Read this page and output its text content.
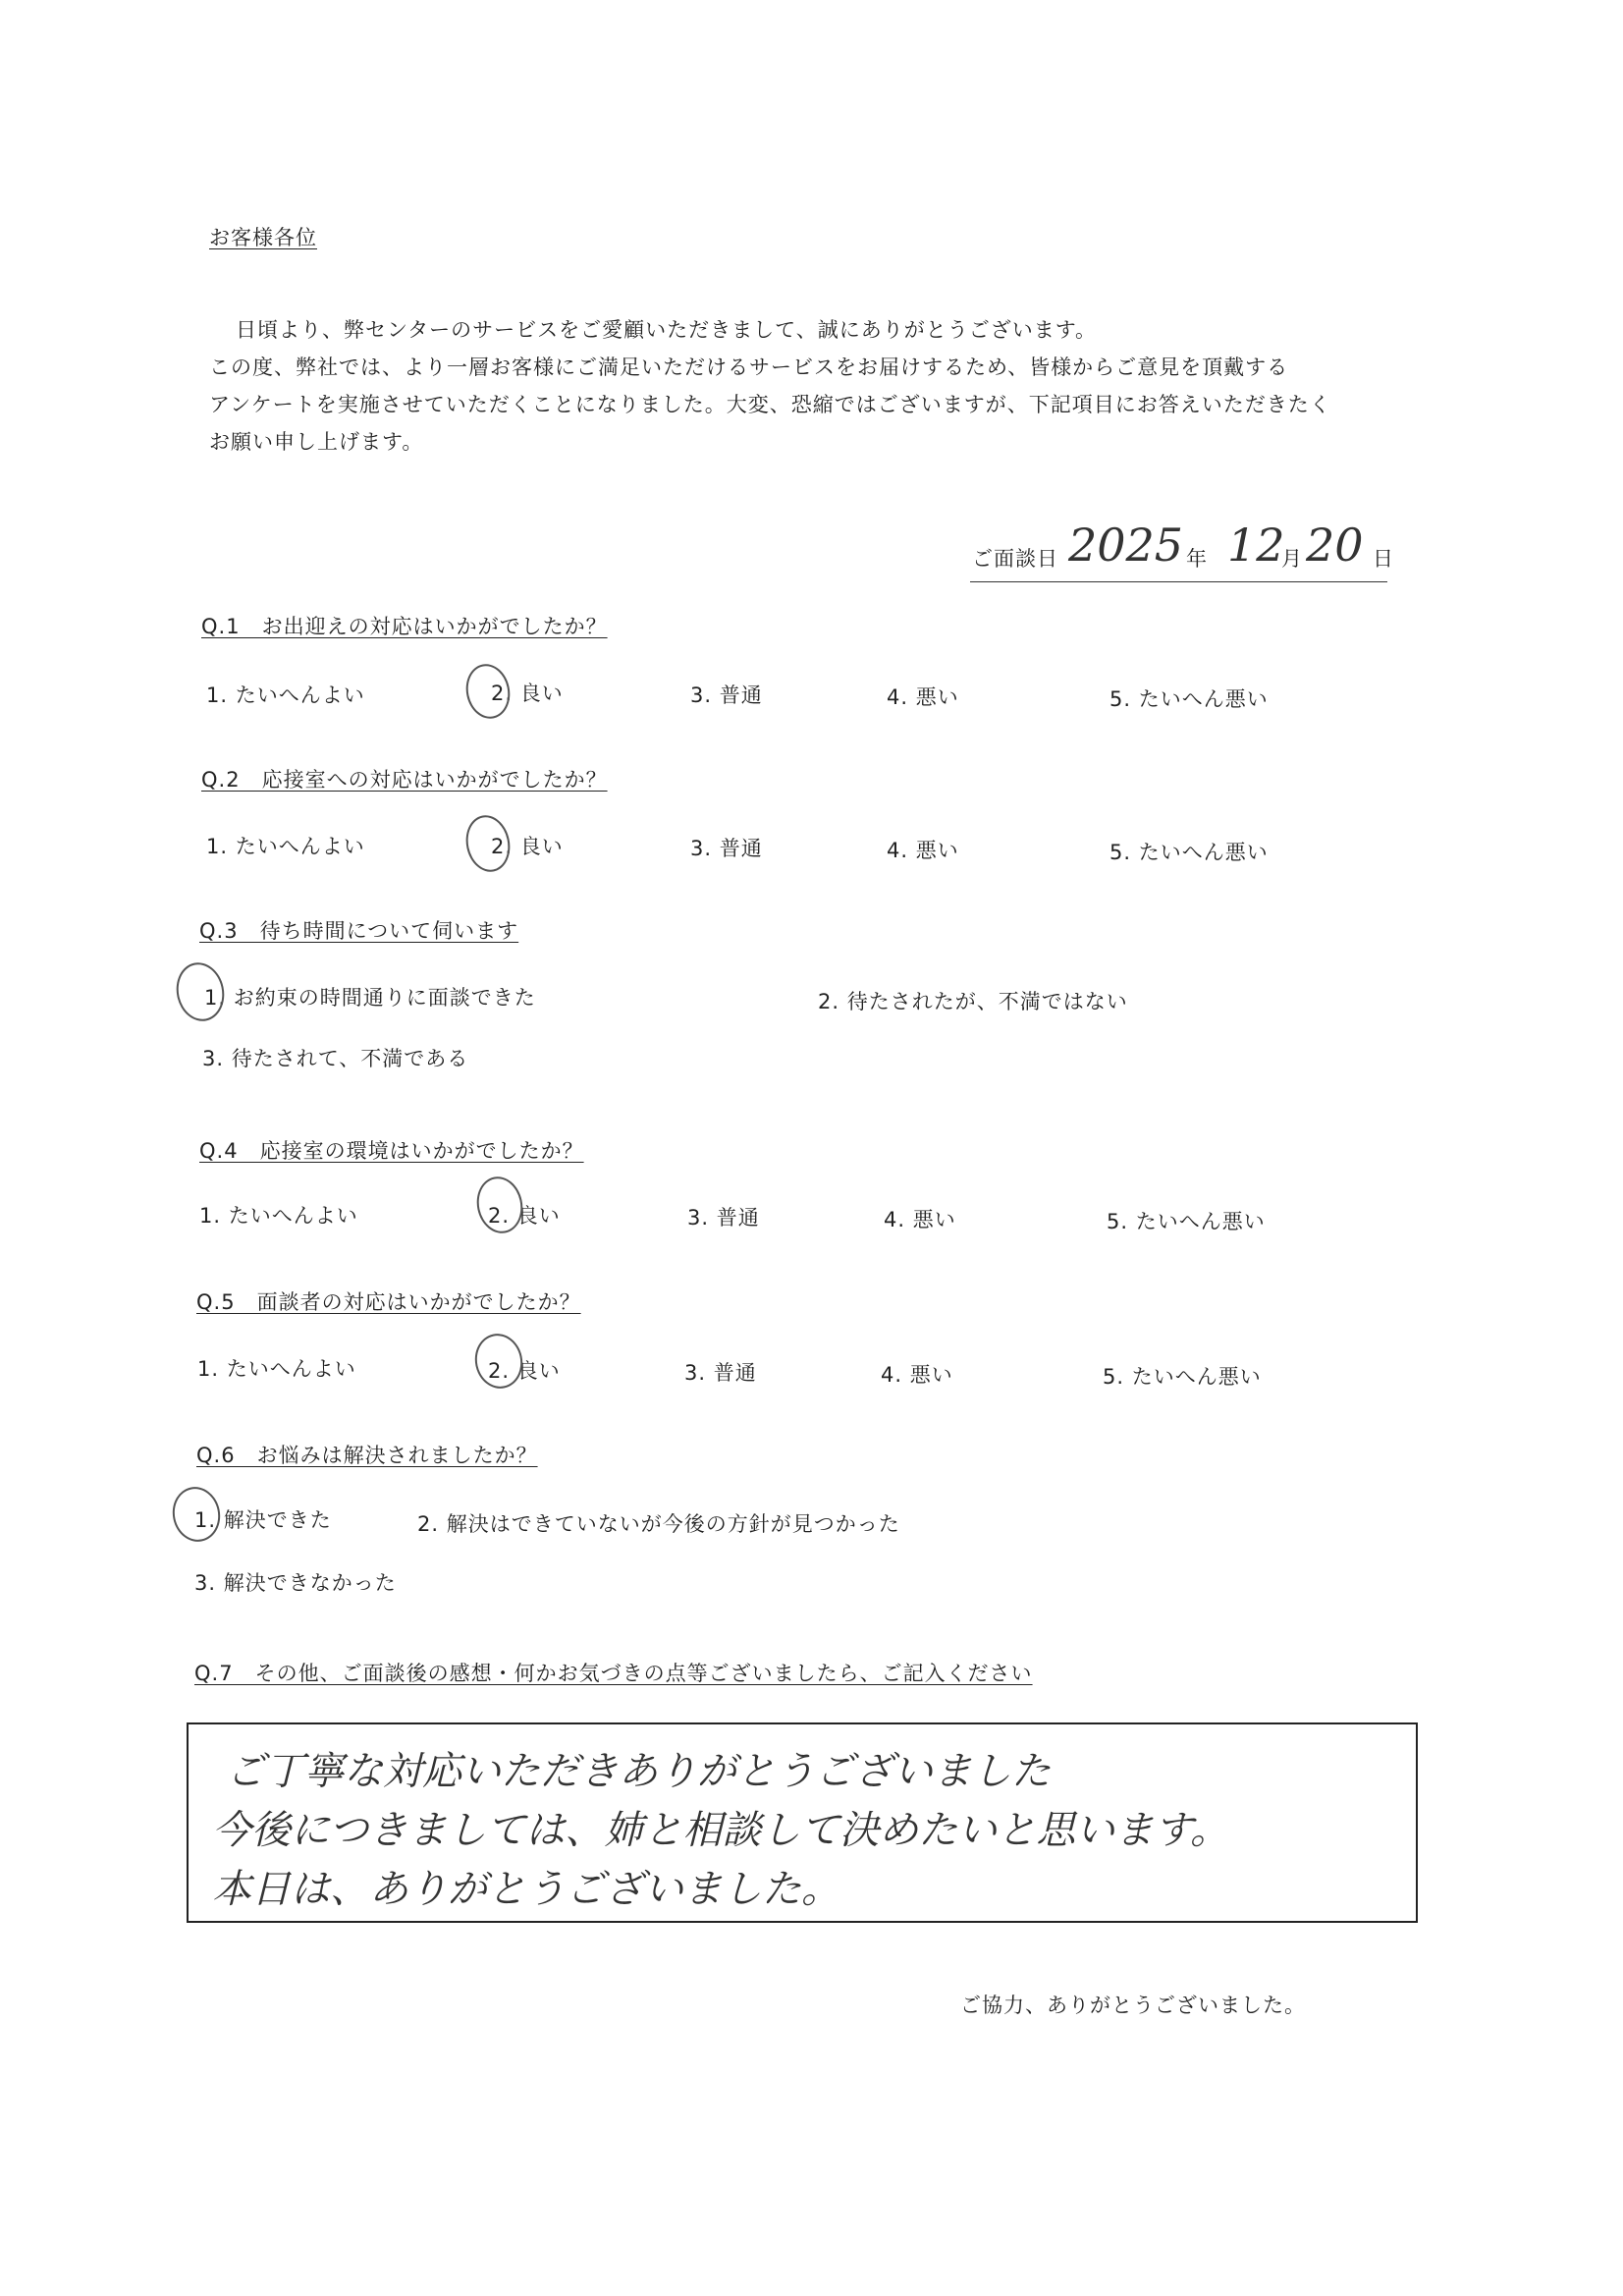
お客様各位
日頃より、弊センターのサービスをご愛顧いただきまして、誠にありがとうございます。
この度、弊社では、より一層お客様にご満足いただけるサービスをお届けするため、皆様からご意見を頂戴する
アンケートを実施させていただくことになりました。大変、恐縮ではございますが、下記項目にお答えいただきたく
お願い申し上げます。
ご面談日 2025 年 12
月 20 日
Q.1　お出迎えの対応はいかがでしたか？
1. たいへんよい	2. 良い	3. 普通	4. 悪い	5. たいへん悪い
Q.2　応接室への対応はいかがでしたか？
1. たいへんよい	2. 良い	3. 普通	4. 悪い	5. たいへん悪い
Q.3　待ち時間について伺います
1. お約束の時間通りに面談できた	2. 待たされたが、不満ではない
3. 待たされて、不満である
Q.4　応接室の環境はいかがでしたか？
1. たいへんよい	2. 良い	3. 普通	4. 悪い	5. たいへん悪い
Q.5　面談者の対応はいかがでしたか？
1. たいへんよい	2. 良い	3. 普通	4. 悪い	5. たいへん悪い
Q.6　お悩みは解決されましたか？
1. 解決できた	2. 解決はできていないが今後の方針が見つかった
3. 解決できなかった
Q.7　その他、ご面談後の感想・何かお気づきの点等ございましたら、ご記入ください
ご丁寧な対応いただきありがとうございました
今後につきましては、姉と相談して決めたいと思います。
本日は、ありがとうございました。
ご協力、ありがとうございました。
